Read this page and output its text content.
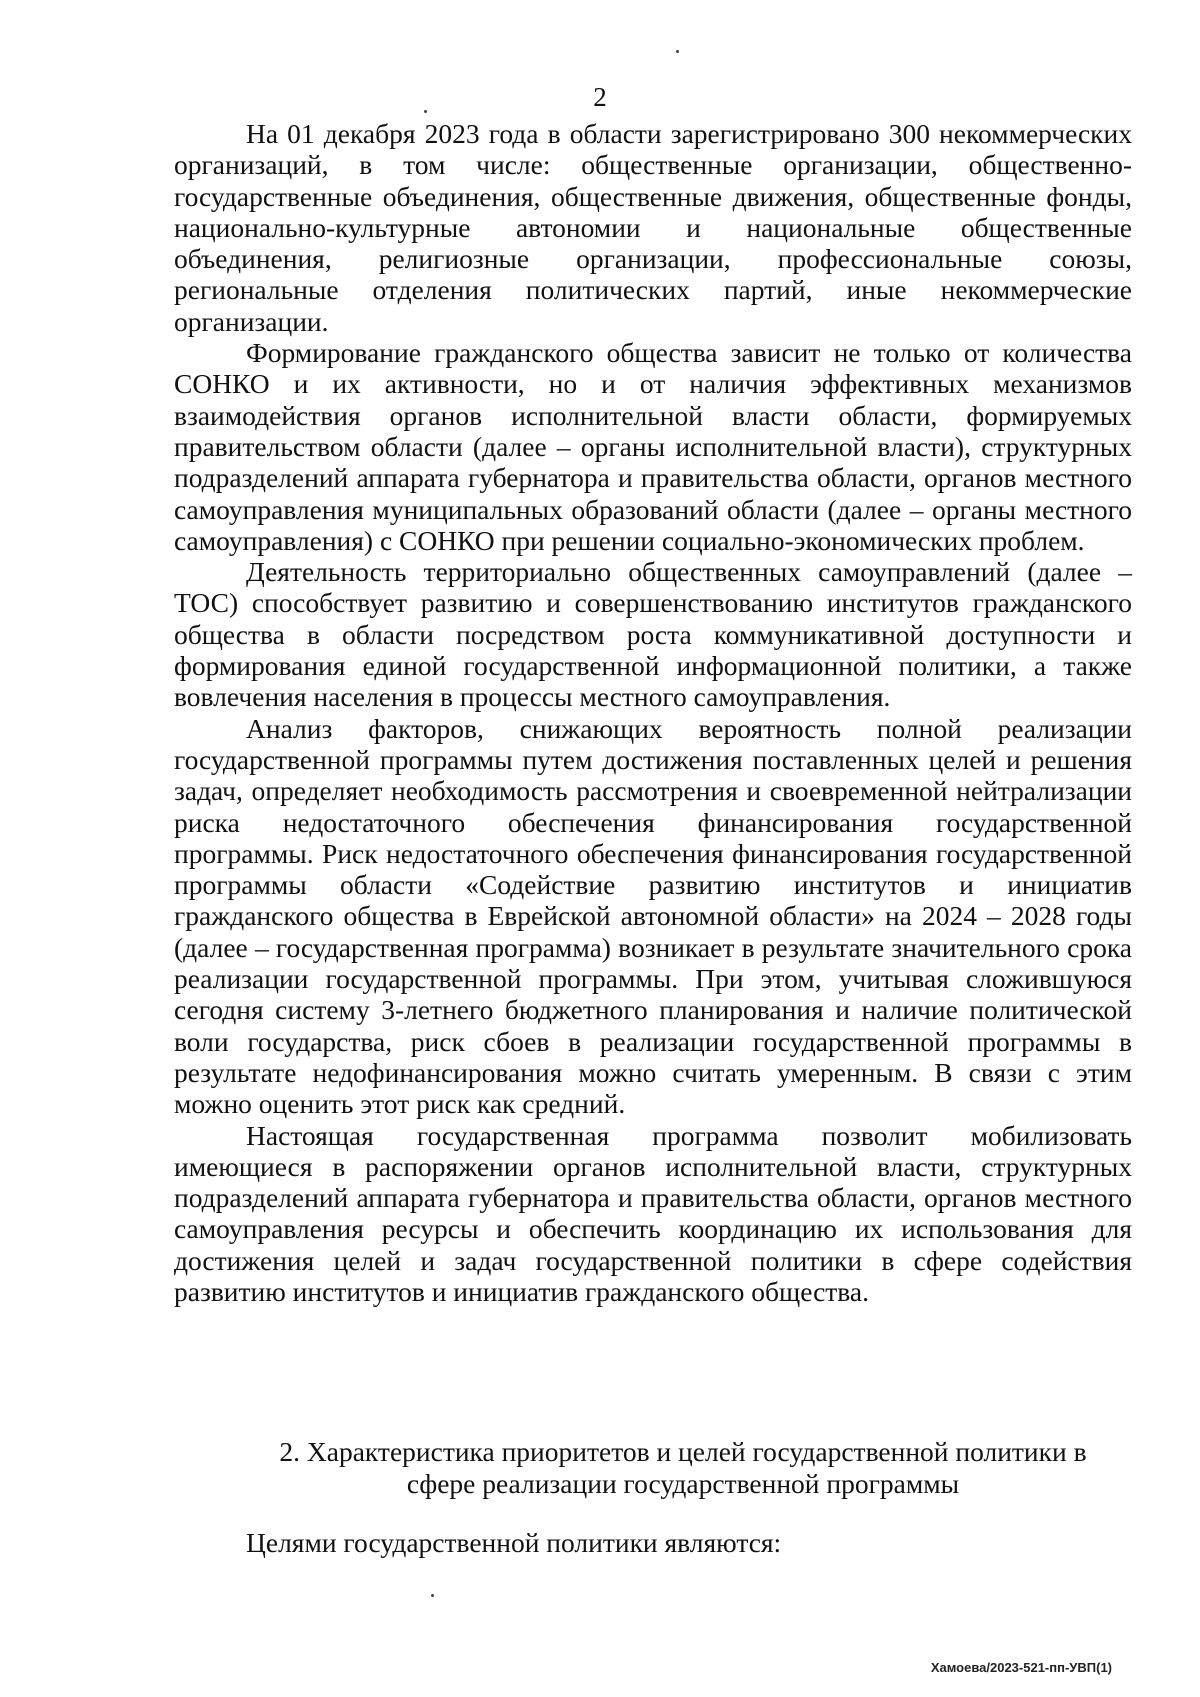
2

На 01 декабря 2023 года в области зарегистрировано 300 некоммерческих организаций, в том числе: общественные организации, общественно-государственные объединения, общественные движения, общественные фонды, национально-культурные автономии и национальные общественные объединения, религиозные организации, профессиональные союзы, региональные отделения политических партий, иные некоммерческие организации.

Формирование гражданского общества зависит не только от количества СОНКО и их активности, но и от наличия эффективных механизмов взаимодействия органов исполнительной власти области, формируемых правительством области (далее – органы исполнительной власти), структурных подразделений аппарата губернатора и правительства области, органов местного самоуправления муниципальных образований области (далее – органы местного самоуправления) с СОНКО при решении социально-экономических проблем.

Деятельность территориально общественных самоуправлений (далее – ТОС) способствует развитию и совершенствованию институтов гражданского общества в области посредством роста коммуникативной доступности и формирования единой государственной информационной политики, а также вовлечения населения в процессы местного самоуправления.

Анализ факторов, снижающих вероятность полной реализации государственной программы путем достижения поставленных целей и решения задач, определяет необходимость рассмотрения и своевременной нейтрализации риска недостаточного обеспечения финансирования государственной программы. Риск недостаточного обеспечения финансирования государственной программы области «Содействие развитию институтов и инициатив гражданского общества в Еврейской автономной области» на 2024 – 2028 годы (далее – государственная программа) возникает в результате значительного срока реализации государственной программы. При этом, учитывая сложившуюся сегодня систему 3-летнего бюджетного планирования и наличие политической воли государства, риск сбоев в реализации государственной программы в результате недофинансирования можно считать умеренным. В связи с этим можно оценить этот риск как средний.

Настоящая государственная программа позволит мобилизовать имеющиеся в распоряжении органов исполнительной власти, структурных подразделений аппарата губернатора и правительства области, органов местного самоуправления ресурсы и обеспечить координацию их использования для достижения целей и задач государственной политики в сфере содействия развитию институтов и инициатив гражданского общества.

2. Характеристика приоритетов и целей государственной политики в
сфере реализации государственной программы
Целями государственной политики являются:
Хамоева/2023-521-пп-УВП(1)
